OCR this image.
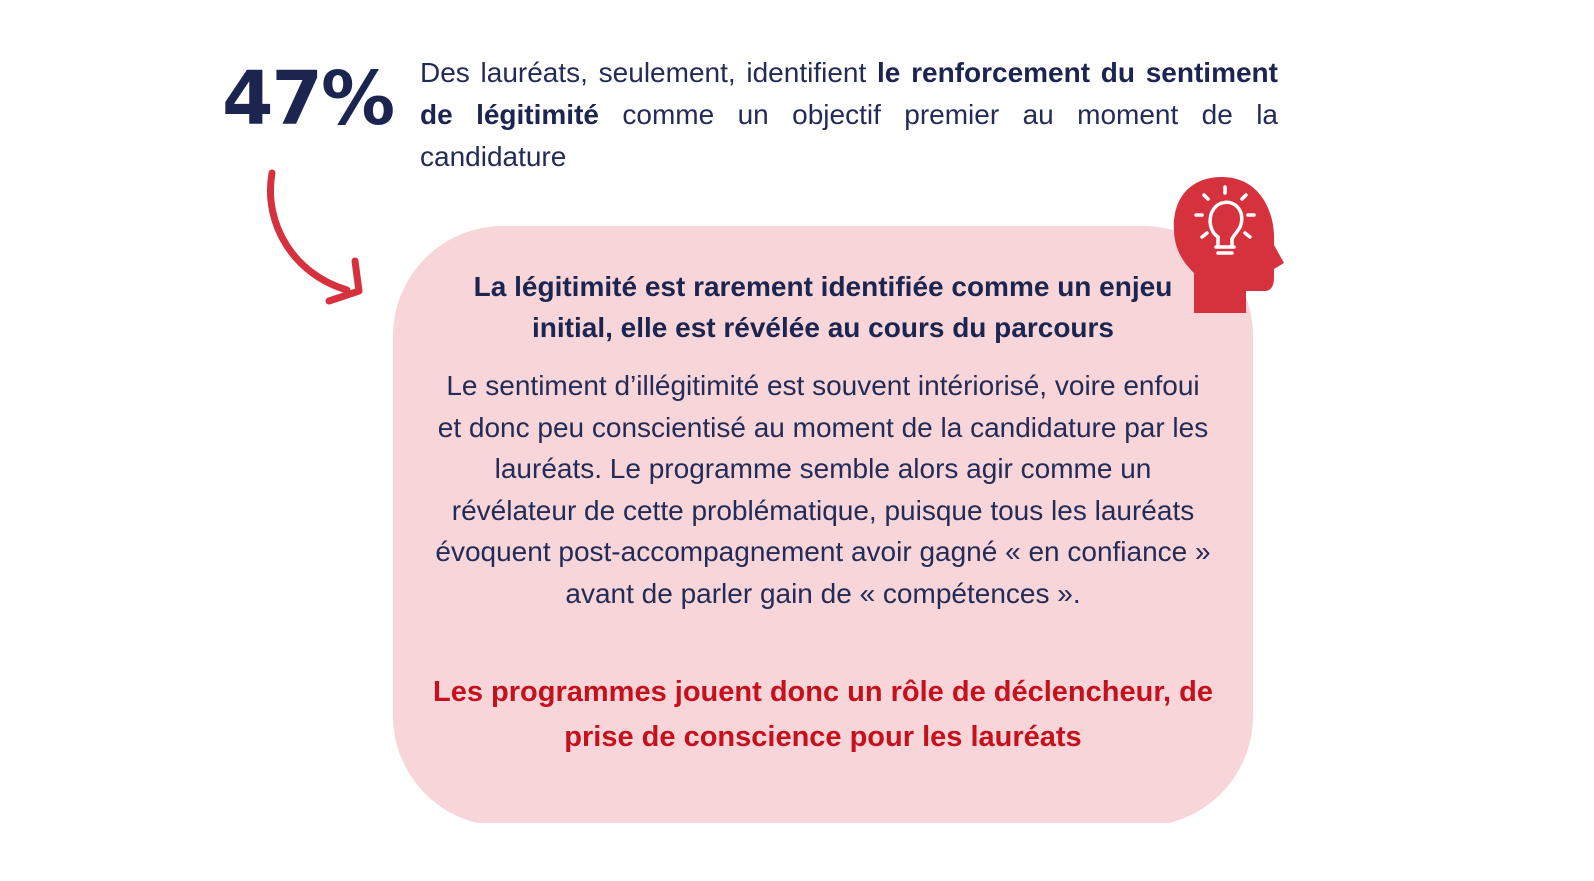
47% Des lauréats, seulement, identifient le renforcement du sentiment de légitimité comme un objectif premier au moment de la candidature
La légitimité est rarement identifiée comme un enjeu initial, elle est révélée au cours du parcours
Le sentiment d’illégitimité est souvent intériorisé, voire enfoui et donc peu conscientisé au moment de la candidature par les lauréats. Le programme semble alors agir comme un révélateur de cette problématique, puisque tous les lauréats évoquent post-accompagnement avoir gagné « en confiance » avant de parler gain de « compétences ».
Les programmes jouent donc un rôle de déclencheur, de prise de conscience pour les lauréats
